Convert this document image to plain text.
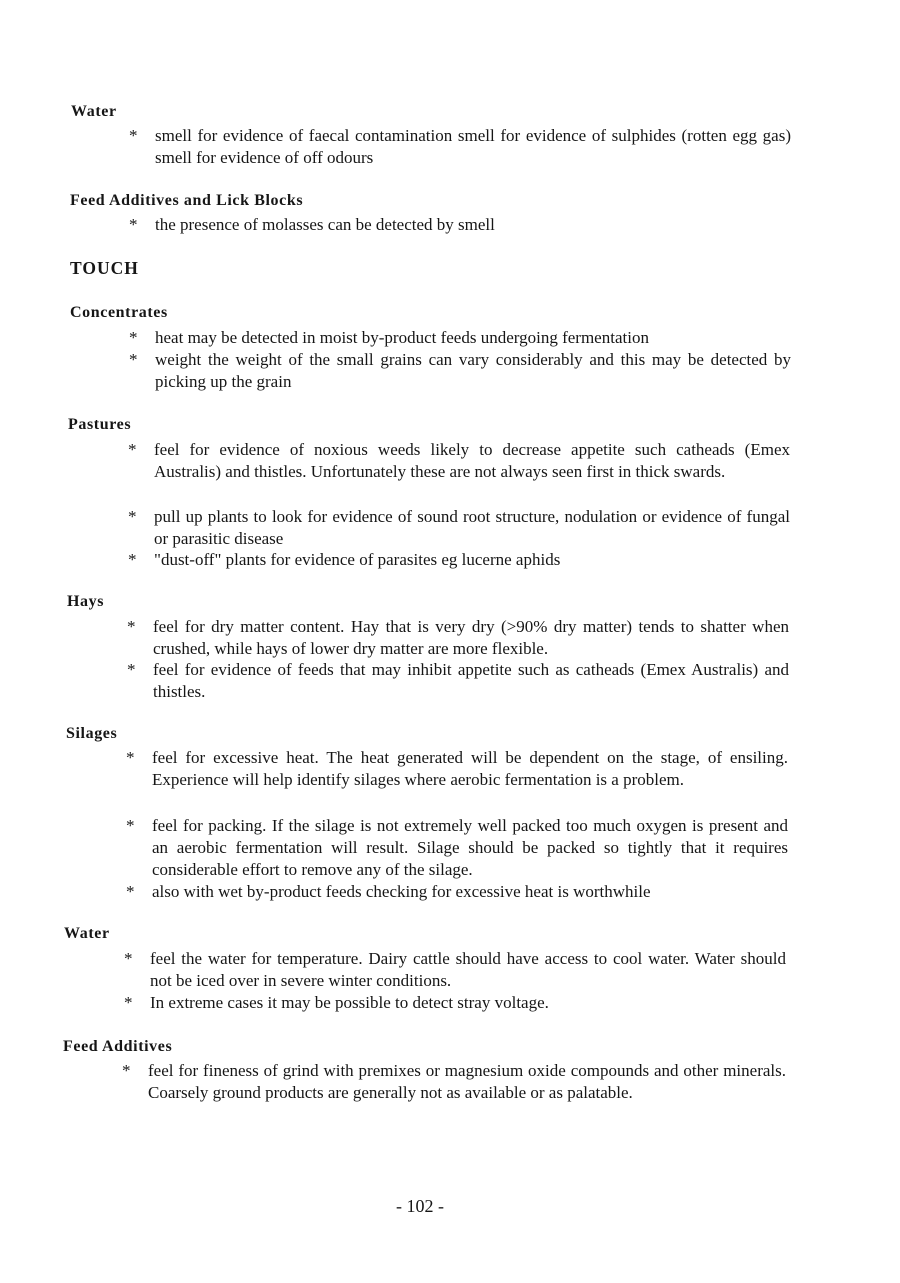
Water
* smell for evidence of faecal contamination smell for evidence of sulphides (rotten egg gas) smell for evidence of off odours
Feed Additives and Lick Blocks
* the presence of molasses can be detected by smell
TOUCH
Concentrates
* heat may be detected in moist by-product feeds undergoing fermentation
* weight the weight of the small grains can vary considerably and this may be detected by picking up the grain
Pastures
* feel for evidence of noxious weeds likely to decrease appetite such catheads (Emex Australis) and thistles. Unfortunately these are not always seen first in thick swards.
* pull up plants to look for evidence of sound root structure, nodulation or evidence of fungal or parasitic disease
* "dust-off" plants for evidence of parasites eg lucerne aphids
Hays
* feel for dry matter content. Hay that is very dry (>90% dry matter) tends to shatter when crushed, while hays of lower dry matter are more flexible.
* feel for evidence of feeds that may inhibit appetite such as catheads (Emex Australis) and thistles.
Silages
* feel for excessive heat. The heat generated will be dependent on the stage, of ensiling. Experience will help identify silages where aerobic fermentation is a problem.
* feel for packing. If the silage is not extremely well packed too much oxygen is present and an aerobic fermentation will result. Silage should be packed so tightly that it requires considerable effort to remove any of the silage.
* also with wet by-product feeds checking for excessive heat is worthwhile
Water
* feel the water for temperature. Dairy cattle should have access to cool water. Water should not be iced over in severe winter conditions.
* In extreme cases it may be possible to detect stray voltage.
Feed Additives
* feel for fineness of grind with premixes or magnesium oxide compounds and other minerals. Coarsely ground products are generally not as available or as palatable.
- 102 -
